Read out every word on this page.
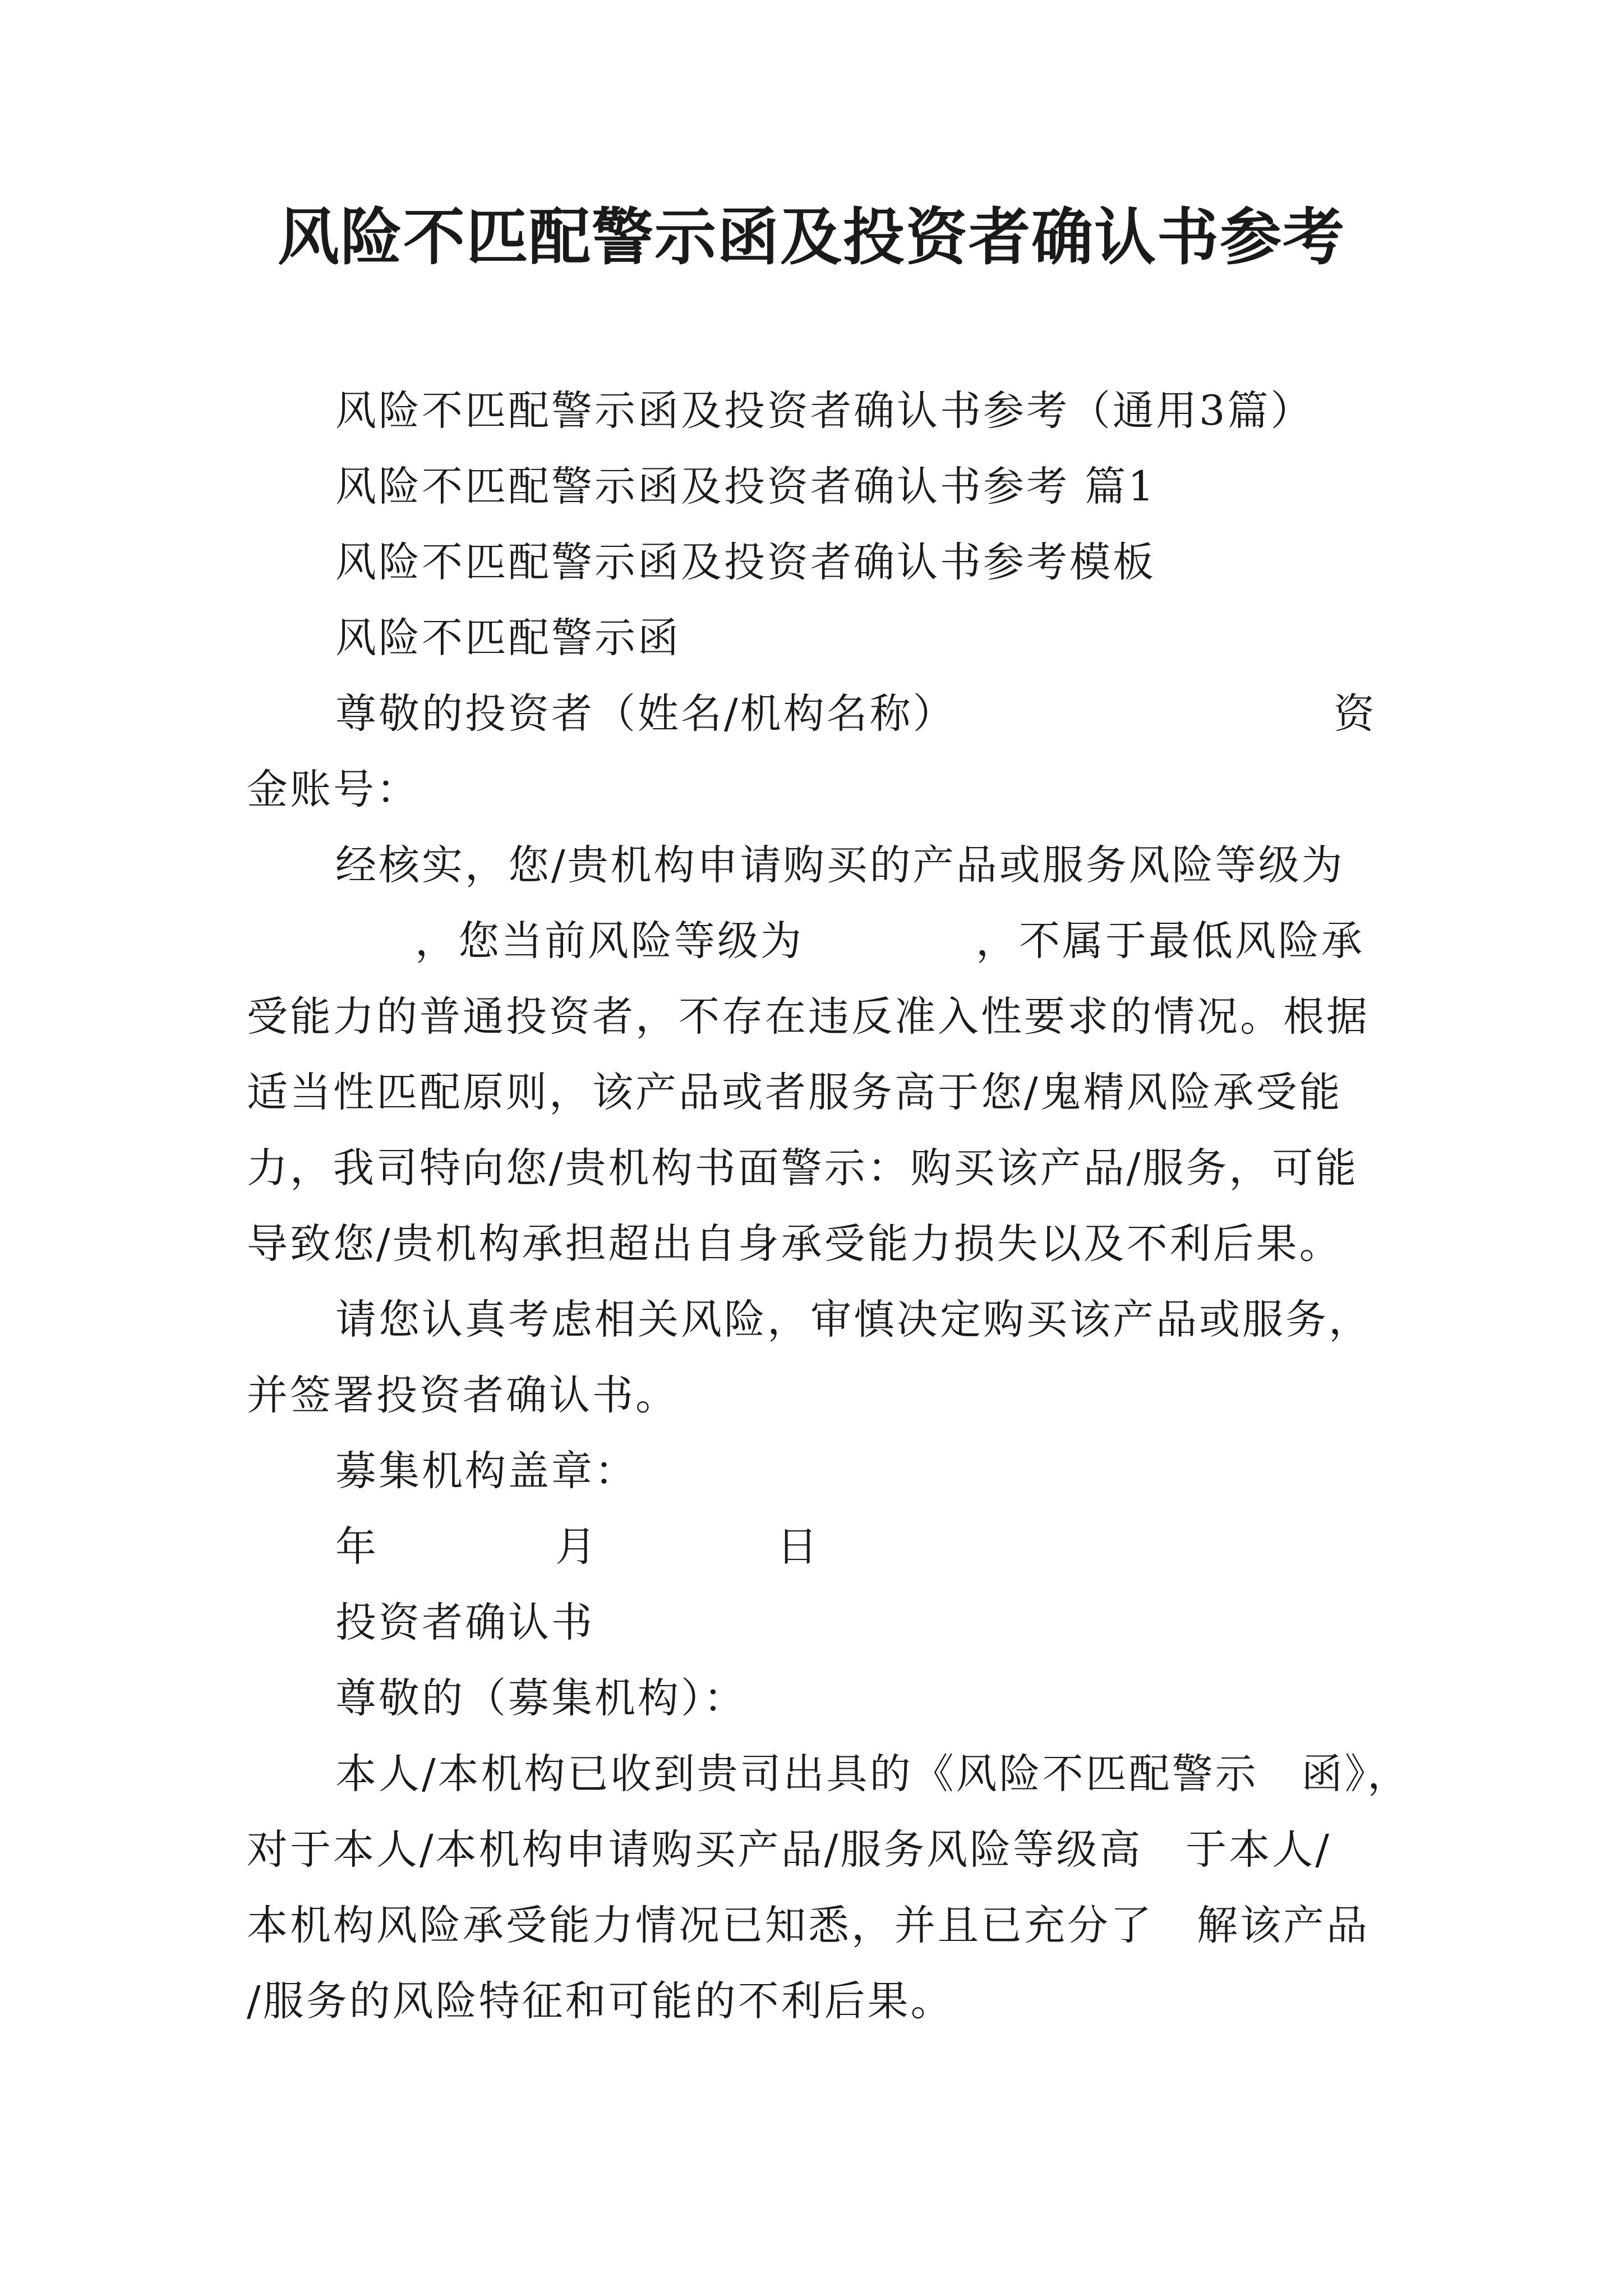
风险不匹配警示函及投资者确认书参考

风险不匹配警示函及投资者确认书参考（通用3篇）

风险不匹配警示函及投资者确认书参考 篇1

风险不匹配警示函及投资者确认书参考模板

风险不匹配警示函

尊敬的投资者（姓名/机构名称）	资

金账号：

经核实，您/贵机构申请购买的产品或服务风险等级为

，您当前风险等级为	，不属于最低风险承

受能力的普通投资者，不存在违反准入性要求的情况。根据

适当性匹配原则，该产品或者服务高于您/鬼精风险承受能

力，我司特向您/贵机构书面警示：购买该产品/服务，可能

导致您/贵机构承担超出自身承受能力损失以及不利后果。

请您认真考虑相关风险，审慎决定购买该产品或服务，

并签署投资者确认书。

募集机构盖章：

年	月	日

投资者确认书

尊敬的（募集机构）：

本人/本机构已收到贵司出具的《风险不匹配警示　函》，

对于本人/本机构申请购买产品/服务风险等级高　于本人/

本机构风险承受能力情况已知悉，并且已充分了　解该产品

/服务的风险特征和可能的不利后果。
